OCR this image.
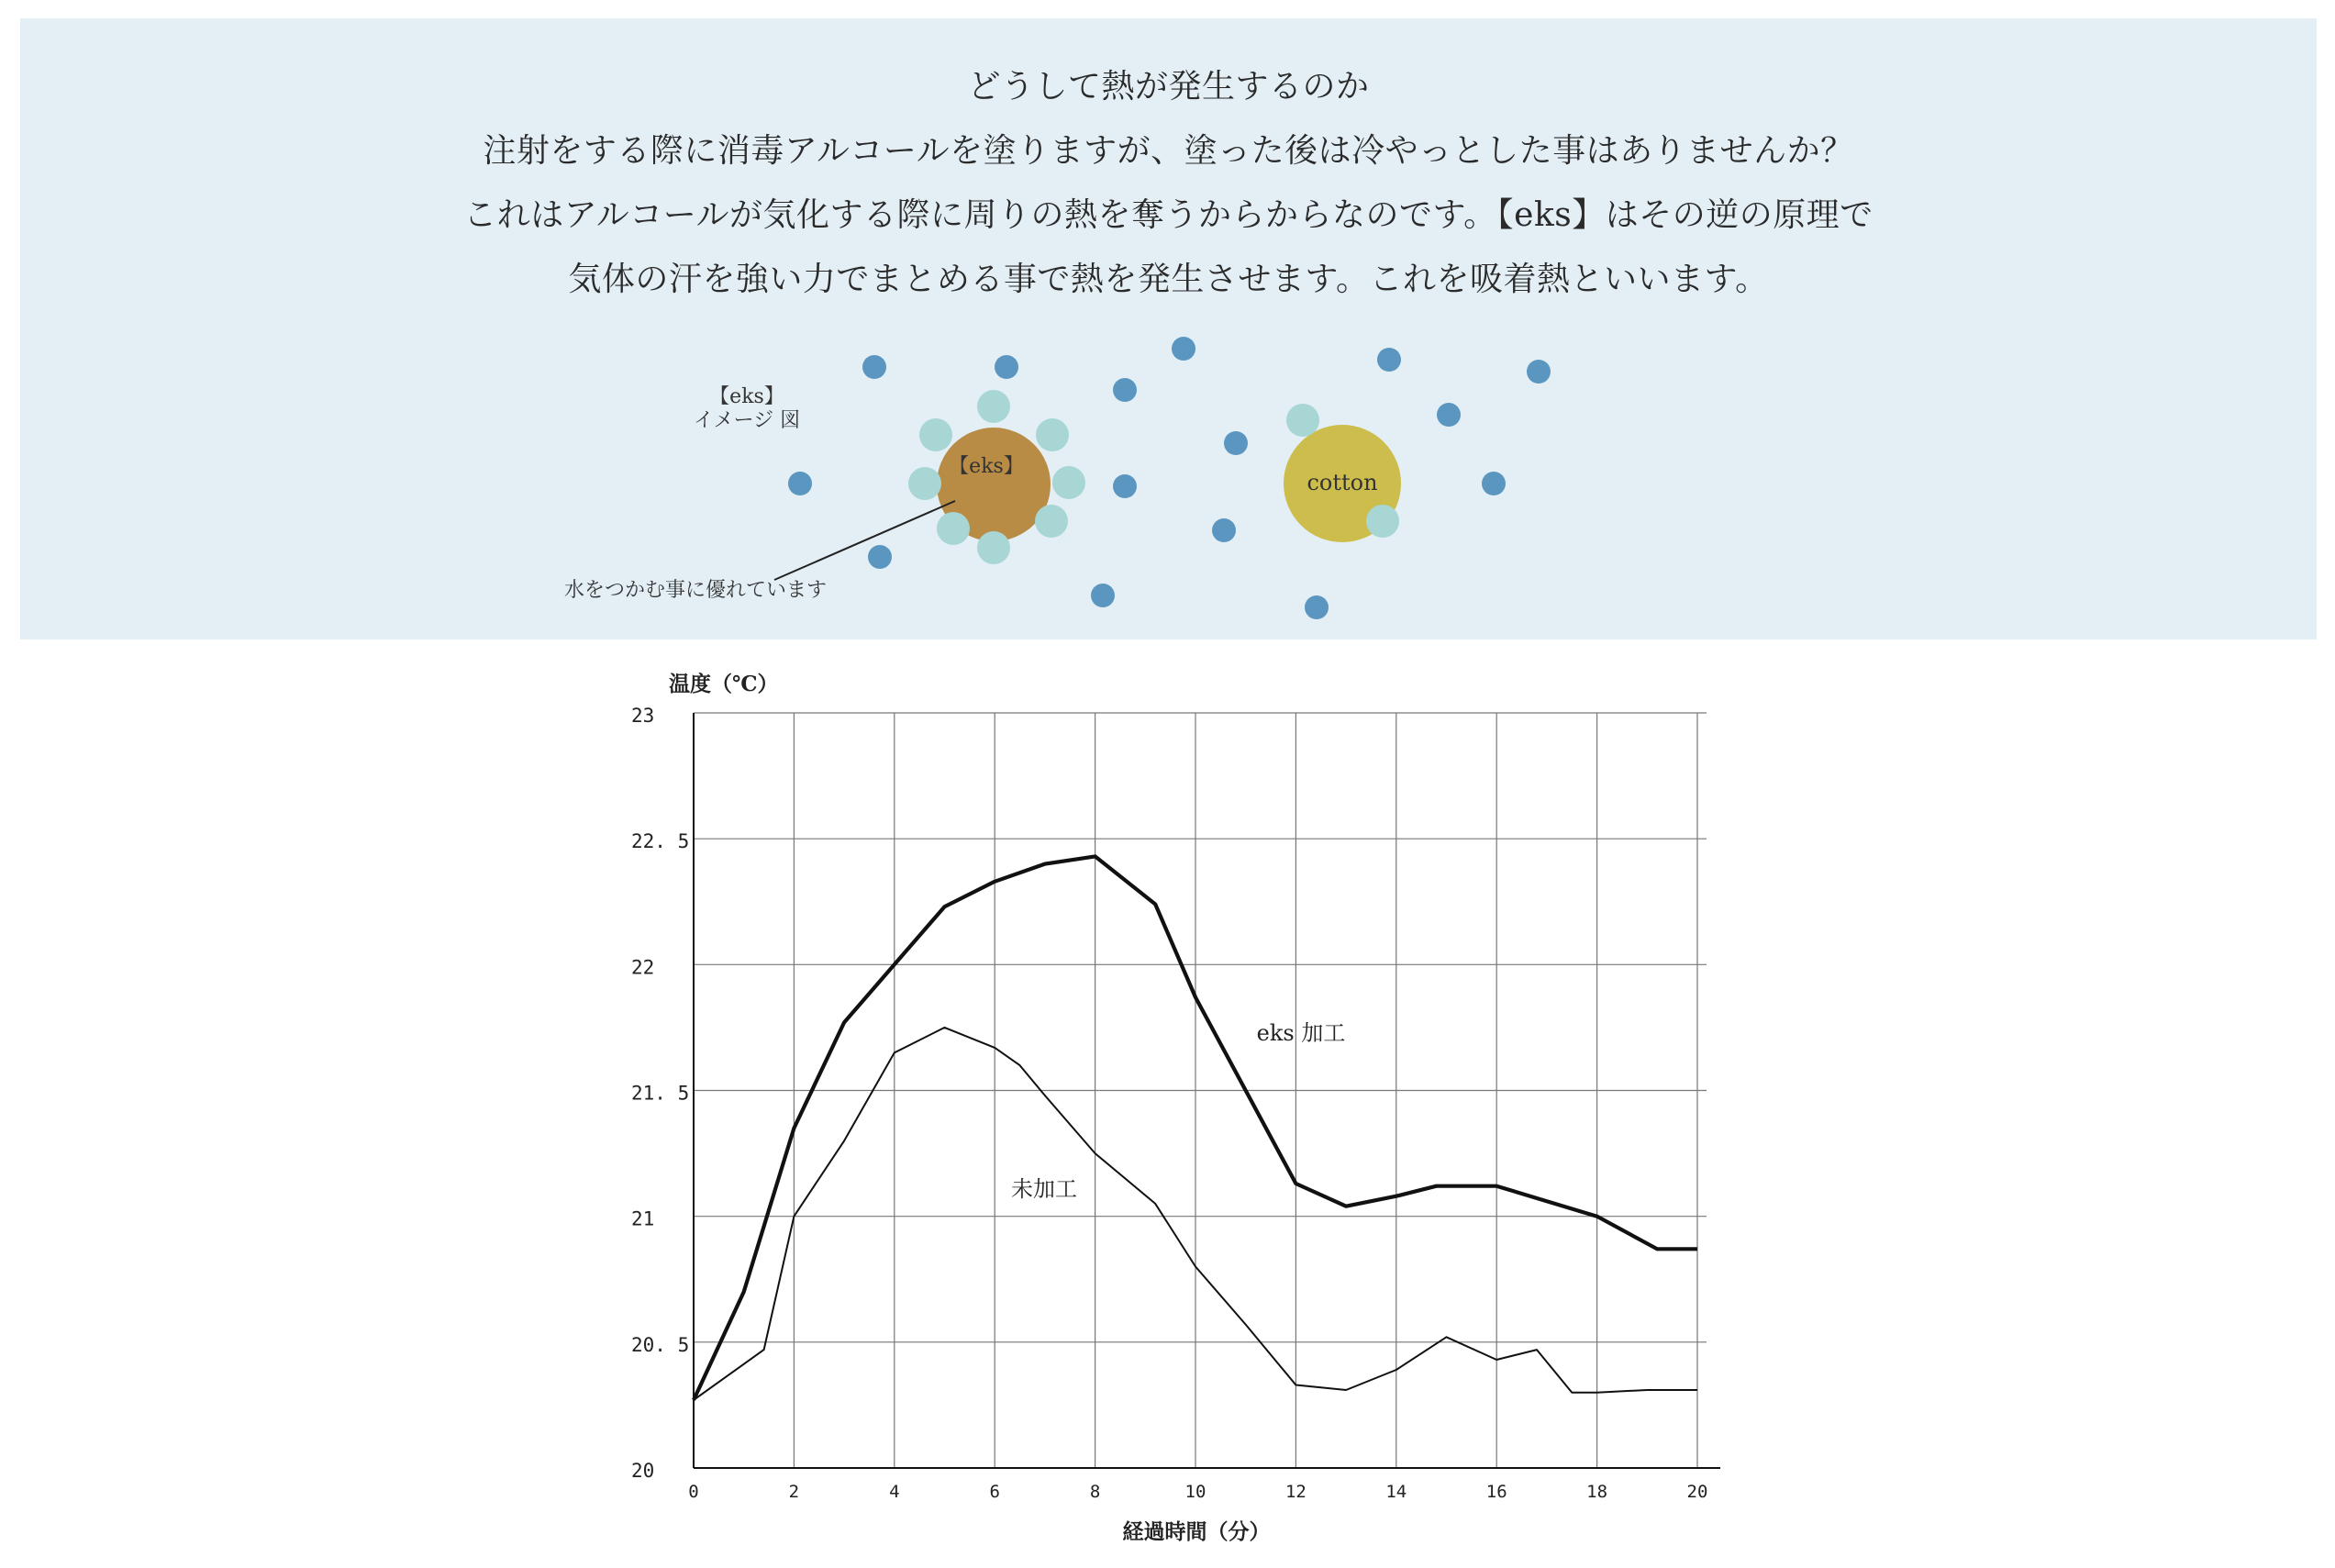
どうして熱が発生するのか
注射をする際に消毒アルコールを塗りますが、塗った後は冷やっとした事はありませんか？
これはアルコールが気化する際に周りの熱を奪うからからなのです。【eks】はその逆の原理で
気体の汗を強い力でまとめる事で熱を発生させます。これを吸着熱といいます。
【eks】
イメージ 図
【eks】
cotton
水をつかむ事に優れています
温度（℃）
経過時間（分）
20
20. 5
21
21. 5
22
22. 5
23
0	2	4	6	8	10	12	14	16	18	20
eks 加工
未加工
